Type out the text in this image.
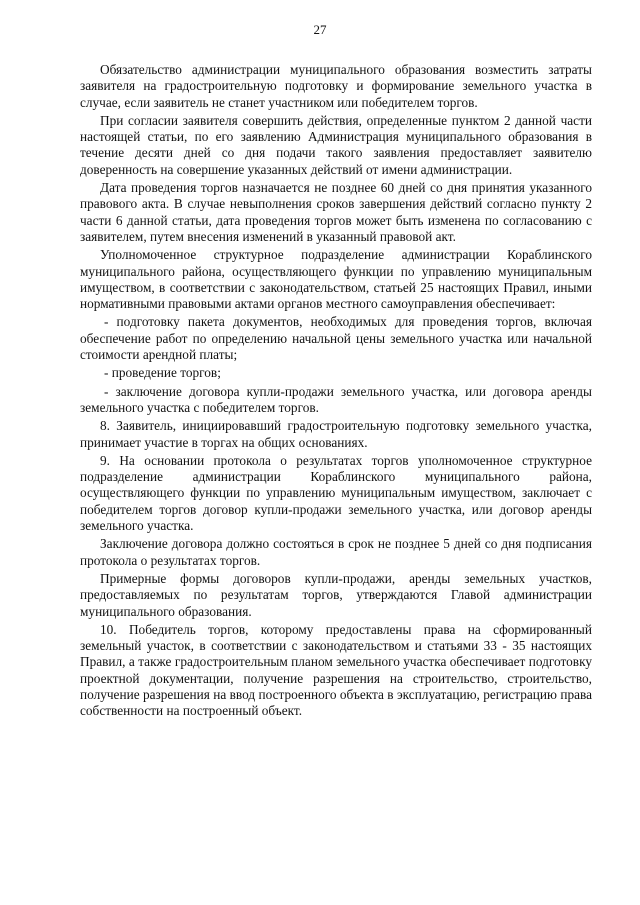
27

Обязательство администрации муниципального образования возместить затраты заявителя на градостроительную подготовку и формирование земельного участка в случае, если заявитель не станет участником или победителем торгов.

При согласии заявителя совершить действия, определенные пунктом 2 данной части настоящей статьи, по его заявлению Администрация муниципального образования в течение десяти дней со дня подачи такого заявления предоставляет заявителю доверенность на совершение указанных действий от имени администрации.

Дата проведения торгов назначается не позднее 60 дней со дня принятия указанного правового акта. В случае невыполнения сроков завершения действий согласно пункту 2 части 6 данной статьи, дата проведения торгов может быть изменена по согласованию с заявителем, путем внесения изменений в указанный правовой акт.

Уполномоченное структурное подразделение администрации Кораблинского муниципального района, осуществляющего функции по управлению муниципальным имуществом, в соответствии с законодательством, статьей 25 настоящих Правил, иными нормативными правовыми актами органов местного самоуправления обеспечивает:

- подготовку пакета документов, необходимых для проведения торгов, включая обеспечение работ по определению начальной цены земельного участка или начальной стоимости арендной платы;

- проведение торгов;

- заключение договора купли-продажи земельного участка, или договора аренды земельного участка с победителем торгов.

8. Заявитель, инициировавший градостроительную подготовку земельного участка, принимает участие в торгах на общих основаниях.

9. На основании протокола о результатах торгов уполномоченное структурное подразделение администрации Кораблинского муниципального района, осуществляющего функции по управлению муниципальным имуществом, заключает с победителем торгов договор купли-продажи земельного участка, или договор аренды земельного участка.

Заключение договора должно состояться в срок не позднее 5 дней со дня подписания протокола о результатах торгов.

Примерные формы договоров купли-продажи, аренды земельных участков, предоставляемых по результатам торгов, утверждаются Главой администрации муниципального образования.

10. Победитель торгов, которому предоставлены права на сформированный земельный участок, в соответствии с законодательством и статьями 33 - 35 настоящих Правил, а также градостроительным планом земельного участка обеспечивает подготовку проектной документации, получение разрешения на строительство, строительство, получение разрешения на ввод построенного объекта в эксплуатацию, регистрацию права собственности на построенный объект.
